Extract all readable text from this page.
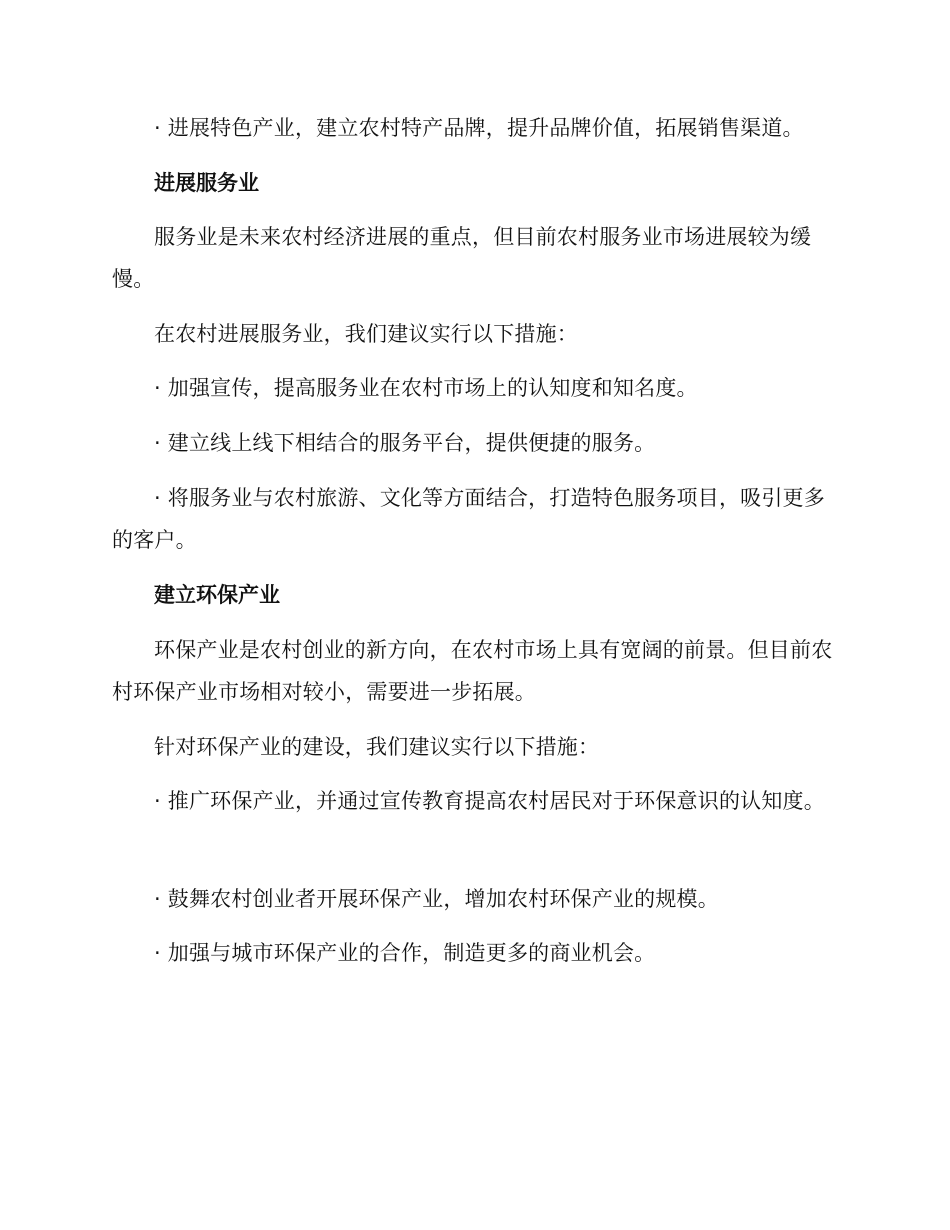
· 进展特色产业，建立农村特产品牌，提升品牌价值，拓展销售渠道。

进展服务业

服务业是未来农村经济进展的重点，但目前农村服务业市场进展较为缓慢。

在农村进展服务业，我们建议实行以下措施：

· 加强宣传，提高服务业在农村市场上的认知度和知名度。

· 建立线上线下相结合的服务平台，提供便捷的服务。

· 将服务业与农村旅游、文化等方面结合，打造特色服务项目，吸引更多的客户。

建立环保产业

环保产业是农村创业的新方向，在农村市场上具有宽阔的前景。但目前农村环保产业市场相对较小，需要进一步拓展。

针对环保产业的建设，我们建议实行以下措施：

· 推广环保产业，并通过宣传教育提高农村居民对于环保意识的认知度。

· 鼓舞农村创业者开展环保产业，增加农村环保产业的规模。

· 加强与城市环保产业的合作，制造更多的商业机会。
